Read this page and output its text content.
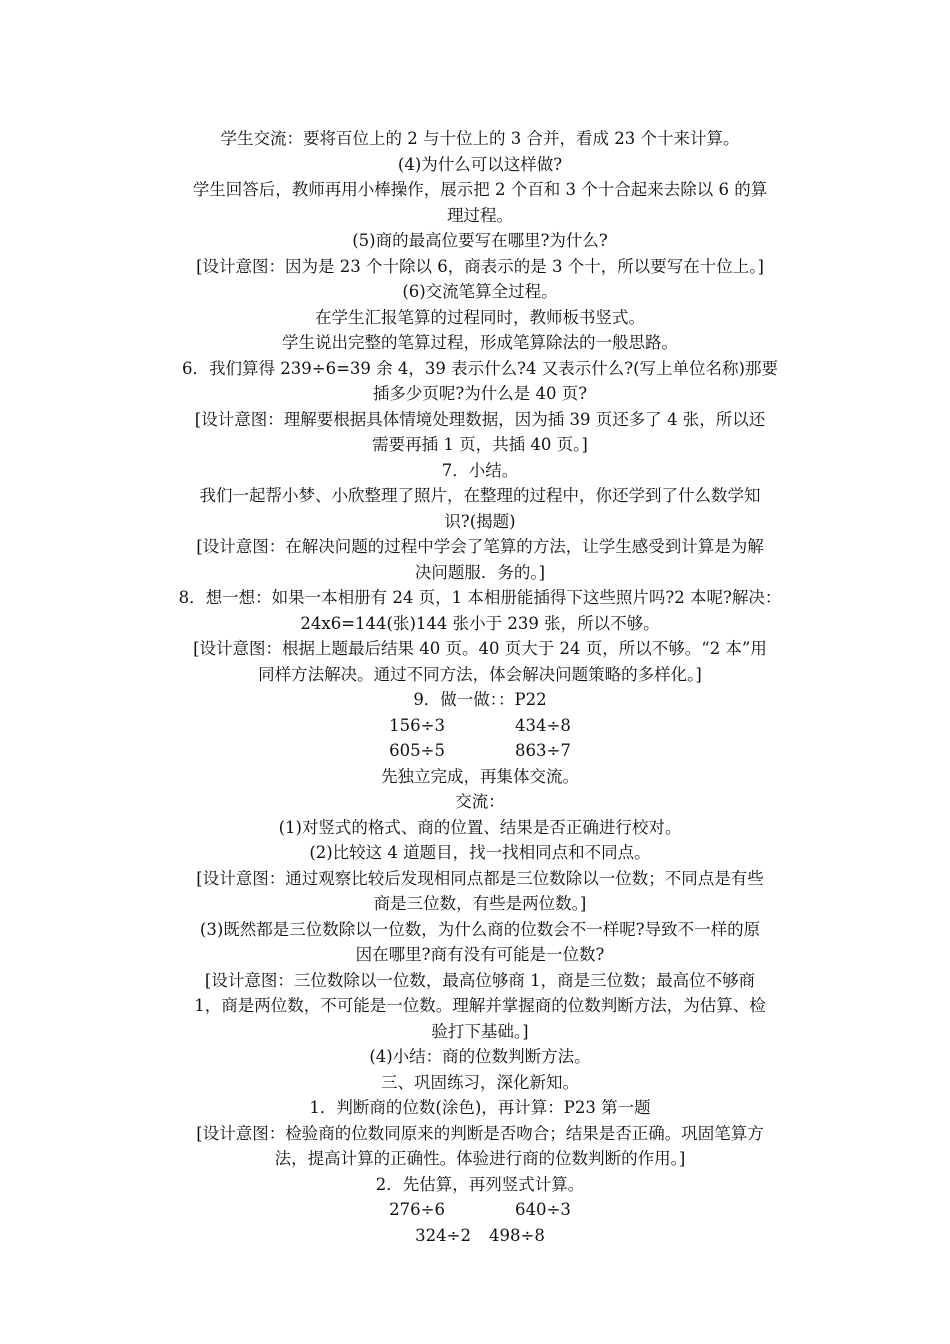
学生交流：要将百位上的 2 与十位上的 3 合并，看成 23 个十来计算。

(4)为什么可以这样做?

学生回答后，教师再用小棒操作，展示把 2 个百和 3 个十合起来去除以 6 的算

理过程。

(5)商的最高位要写在哪里?为什么?

[设计意图：因为是 23 个十除以 6，商表示的是 3 个十，所以要写在十位上。]

(6)交流笔算全过程。

在学生汇报笔算的过程同时，教师板书竖式。

学生说出完整的笔算过程，形成笔算除法的一般思路。

6．我们算得 239÷6=39 余 4，39 表示什么?4 又表示什么?(写上单位名称)那要

插多少页呢?为什么是 40 页?

[设计意图：理解要根据具体情境处理数据，因为插 39 页还多了 4 张，所以还

需要再插 1 页，共插 40 页。]

7．小结。

我们一起帮小梦、小欣整理了照片，在整理的过程中，你还学到了什么数学知

识?(揭题)

[设计意图：在解决问题的过程中学会了笔算的方法，让学生感受到计算是为解

决问题服．务的。]

8．想一想：如果一本相册有 24 页，1 本相册能插得下这些照片吗?2 本呢?解决：

24x6=144(张)144 张小于 239 张，所以不够。

[设计意图：根据上题最后结果 40 页。40 页大于 24 页，所以不够。“2 本”用

同样方法解决。通过不同方法，体会解决问题策略的多样化。]

9．做一做：：P22

156÷3	434÷8
605÷5	863÷7

先独立完成，再集体交流。

交流：

(1)对竖式的格式、商的位置、结果是否正确进行校对。

(2)比较这 4 道题目，找一找相同点和不同点。

[设计意图：通过观察比较后发现相同点都是三位数除以一位数；不同点是有些

商是三位数，有些是两位数。]

(3)既然都是三位数除以一位数，为什么商的位数会不一样呢?导致不一样的原

因在哪里?商有没有可能是一位数?

[设计意图：三位数除以一位数，最高位够商 1，商是三位数；最高位不够商

1，商是两位数，不可能是一位数。理解并掌握商的位数判断方法，为估算、检

验打下基础。]

(4)小结：商的位数判断方法。

三、巩固练习，深化新知。

1．判断商的位数(涂色)，再计算：P23 第一题

[设计意图：检验商的位数同原来的判断是否吻合；结果是否正确。巩固笔算方

法，提高计算的正确性。体验进行商的位数判断的作用。]

2．先估算，再列竖式计算。

276÷6	640÷3
324÷2 498÷8
